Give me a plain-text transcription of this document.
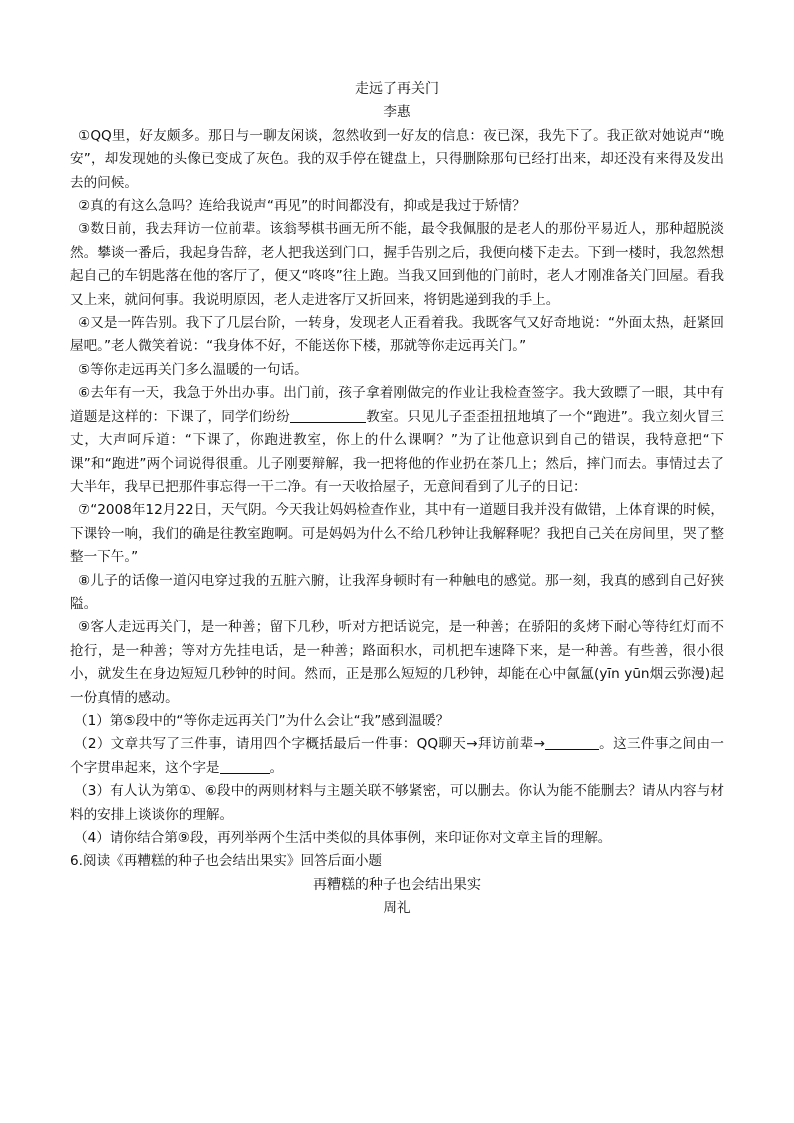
走远了再关门

李惠

①QQ里，好友颇多。那日与一聊友闲谈，忽然收到一好友的信息：夜已深，我先下了。我正欲对她说声“晚安”，却发现她的头像已变成了灰色。我的双手停在键盘上，只得删除那句已经打出来，却还没有来得及发出去的问候。

②真的有这么急吗？连给我说声“再见”的时间都没有，抑或是我过于矫情？

③数日前，我去拜访一位前辈。该翁琴棋书画无所不能，最令我佩服的是老人的那份平易近人，那种超脱淡然。攀谈一番后，我起身告辞，老人把我送到门口，握手告别之后，我便向楼下走去。下到一楼时，我忽然想起自己的车钥匙落在他的客厅了，便又“咚咚”往上跑。当我又回到他的门前时，老人才刚准备关门回屋。看我又上来，就问何事。我说明原因，老人走进客厅又折回来，将钥匙递到我的手上。

④又是一阵告别。我下了几层台阶，一转身，发现老人正看着我。我既客气又好奇地说：“外面太热，赶紧回屋吧。”老人微笑着说：“我身体不好，不能送你下楼，那就等你走远再关门。”

⑤等你走远再关门多么温暖的一句话。

⑥去年有一天，我急于外出办事。出门前，孩子拿着刚做完的作业让我检查签字。我大致瞟了一眼，其中有道题是这样的：下课了，同学们纷纷	教室。只见儿子歪歪扭扭地填了一个“跑进”。我立刻火冒三丈，大声呵斥道：“下课了，你跑进教室，你上的什么课啊？”为了让他意识到自己的错误，我特意把“下课”和“跑进”两个词说得很重。儿子刚要辩解，我一把将他的作业扔在茶几上；然后，摔门而去。事情过去了大半年，我早已把那件事忘得一干二净。有一天收拾屋子，无意间看到了儿子的日记：

⑦“2008年12月22日，天气阴。今天我让妈妈检查作业，其中有一道题目我并没有做错，上体育课的时候，下课铃一响，我们的确是往教室跑啊。可是妈妈为什么不给几秒钟让我解释呢？我把自己关在房间里，哭了整整一下午。”

⑧儿子的话像一道闪电穿过我的五脏六腑，让我浑身顿时有一种触电的感觉。那一刻，我真的感到自己好狭隘。

⑨客人走远再关门，是一种善；留下几秒，听对方把话说完，是一种善；在骄阳的炙烤下耐心等待红灯而不抢行，是一种善；等对方先挂电话，是一种善；路面积水，司机把车速降下来，是一种善。有些善，很小很小，就发生在身边短短几秒钟的时间。然而，正是那么短短的几秒钟，却能在心中氤氲(yīn yūn烟云弥漫)起一份真情的感动。

（1）第⑤段中的“等你走远再关门”为什么会让“我”感到温暖？

（2）文章共写了三件事，请用四个字概括最后一件事：QQ聊天→拜访前辈→	。这三件事之间由一个字贯串起来，这个字是	。

（3）有人认为第①、⑥段中的两则材料与主题关联不够紧密，可以删去。你认为能不能删去？请从内容与材料的安排上谈谈你的理解。

（4）请你结合第⑨段，再列举两个生活中类似的具体事例，来印证你对文章主旨的理解。

6.阅读《再糟糕的种子也会结出果实》回答后面小题

再糟糕的种子也会结出果实

周礼
